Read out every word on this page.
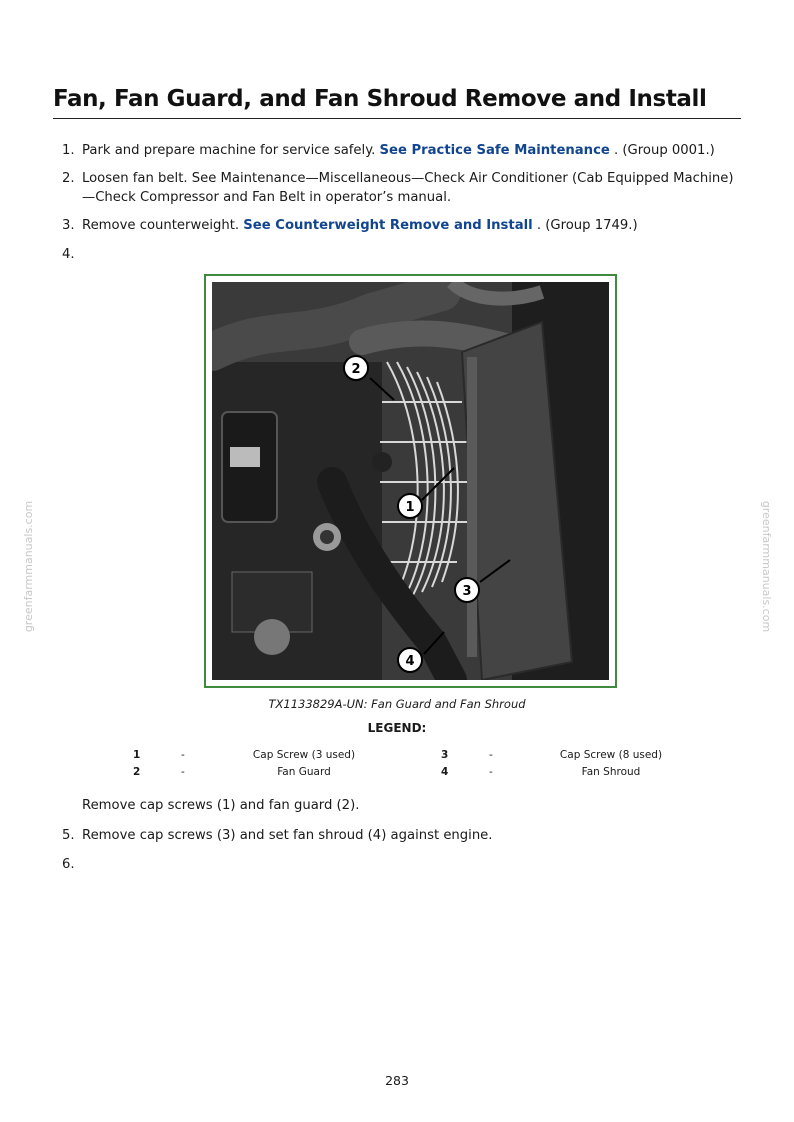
Fan, Fan Guard, and Fan Shroud Remove and Install
1. Park and prepare machine for service safely. See Practice Safe Maintenance . (Group 0001.)
2. Loosen fan belt. See Maintenance—Miscellaneous—Check Air Conditioner (Cab Equipped Machine)—Check Compressor and Fan Belt in operator’s manual.
3. Remove counterweight. See Counterweight Remove and Install . (Group 1749.)
4.
2
1
3
4
TX1133829A-UN: Fan Guard and Fan Shroud
LEGEND:
1	-	Cap Screw (3 used)	3	-	Cap Screw (8 used)
2	-	Fan Guard	4	-	Fan Shroud
Remove cap screws (1) and fan guard (2).
5. Remove cap screws (3) and set fan shroud (4) against engine.
6.
greenfarmmanuals.com	greenfarmmanuals.com
283
